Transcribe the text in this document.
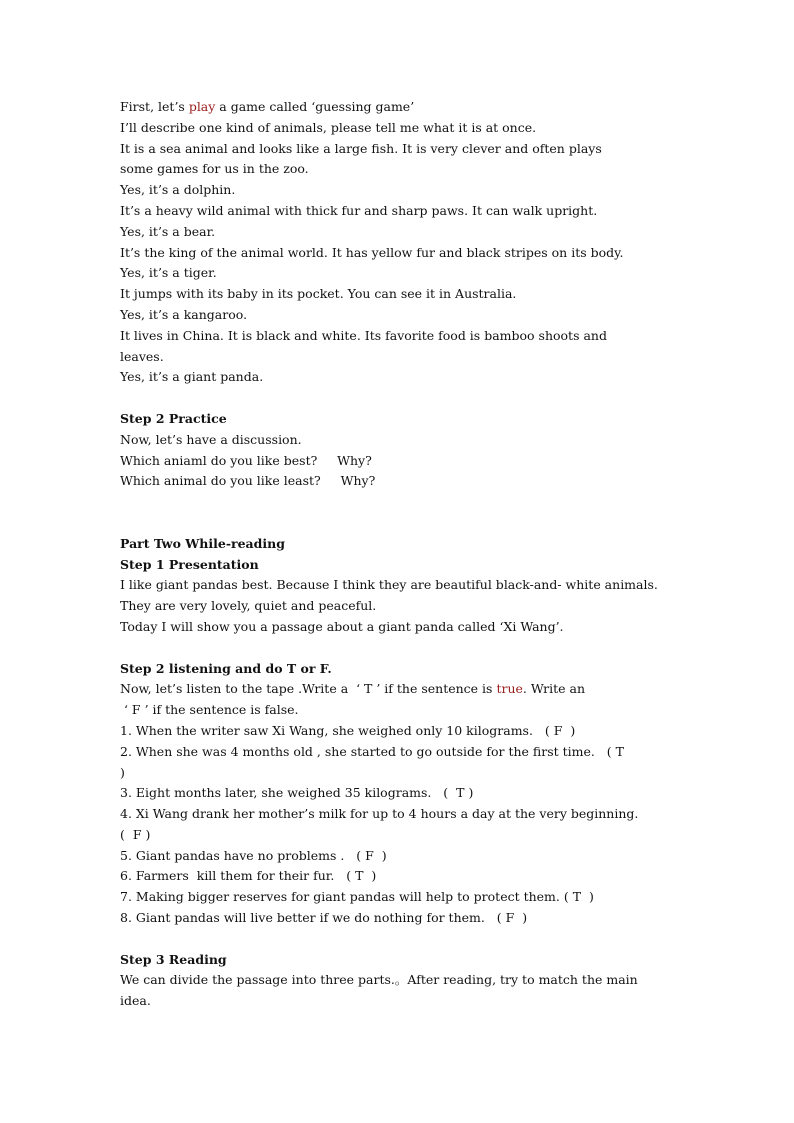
First, let’s play a game called ‘guessing game’
I’ll describe one kind of animals, please tell me what it is at once.
It is a sea animal and looks like a large fish. It is very clever and often plays
some games for us in the zoo.
Yes, it’s a dolphin.
It’s a heavy wild animal with thick fur and sharp paws. It can walk upright.
Yes, it’s a bear.
It’s the king of the animal world. It has yellow fur and black stripes on its body.
Yes, it’s a tiger.
It jumps with its baby in its pocket. You can see it in Australia.
Yes, it’s a kangaroo.
It lives in China. It is black and white. Its favorite food is bamboo shoots and
leaves.
Yes, it’s a giant panda.
Step 2 Practice
Now, let’s have a discussion.
Which aniaml do you like best?     Why?
Which animal do you like least?     Why?
Part Two While-reading
Step 1 Presentation
I like giant pandas best. Because I think they are beautiful black-and- white animals.
They are very lovely, quiet and peaceful.
Today I will show you a passage about a giant panda called ‘Xi Wang’.
Step 2 listening and do T or F.
Now, let’s listen to the tape .Write a  ‘ T ’ if the sentence is true. Write an
‘ F ’ if the sentence is false.
1. When the writer saw Xi Wang, she weighed only 10 kilograms.   ( F  )
2. When she was 4 months old , she started to go outside for the first time.   ( T
)
3. Eight months later, she weighed 35 kilograms.   (  T )
4. Xi Wang drank her mother’s milk for up to 4 hours a day at the very beginning.
(  F )
5. Giant pandas have no problems .   ( F  )
6. Farmers  kill them for their fur.   ( T  )
7. Making bigger reserves for giant pandas will help to protect them. ( T  )
8. Giant pandas will live better if we do nothing for them.   ( F  )
Step 3 Reading
We can divide the passage into three parts.。After reading, try to match the main
idea.
